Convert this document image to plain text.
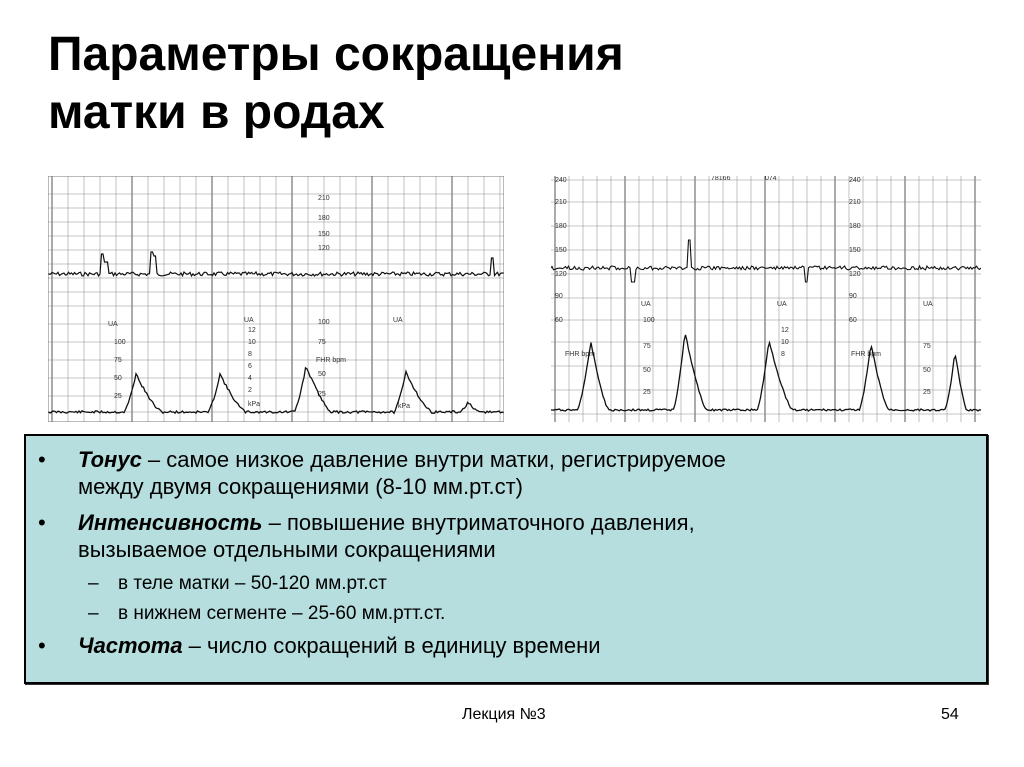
Параметры сокращения
матки в родах
UA
100
75
50
25
UA
12
10
8
6
4
2
kPa
FHR bpm
210
180
150
120
100
75
50
25
UA
kPa
240
210
180
150
120
90
60
FHR bpm
UA
100
75
50
25
UA
12
10
8
240
210
180
150
120
90
60
FHR bpm
UA
75
50
25
78166	074
• Тонус – самое низкое давление внутри матки, регистрируемое
между двумя сокращениями (8-10 мм.рт.ст)
• Интенсивность – повышение внутриматочного давления,
вызываемое отдельными сокращениями
– в теле матки – 50-120 мм.рт.ст
– в нижнем сегменте – 25-60 мм.ртт.ст.
• Частота – число сокращений в единицу времени
Лекция №3	54
